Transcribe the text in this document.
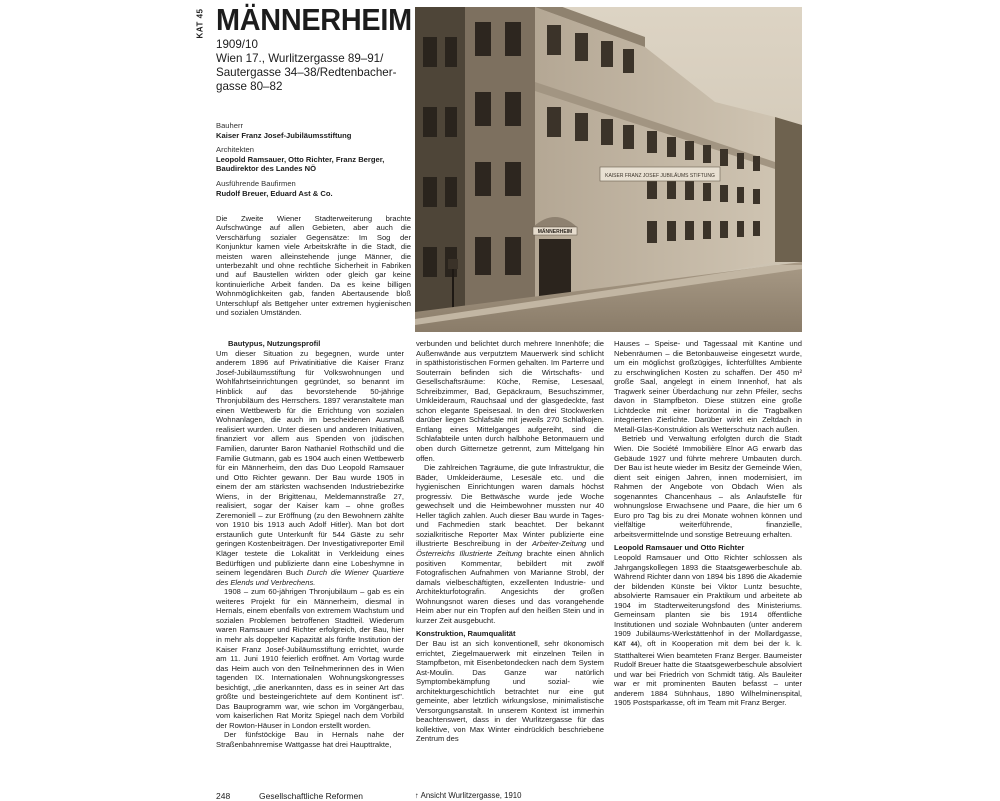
KAT 45 MÄNNERHEIM
1909/10
Wien 17., Wurlitzergasse 89–91/
Sautergasse 34–38/Redtenbacher-
gasse 80–82
Bauherr
Kaiser Franz Josef-Jubiläumsstiftung
Architekten
Leopold Ramsauer, Otto Richter, Franz Berger,
Baudirektor des Landes NÖ
Ausführende Baufirmen
Rudolf Breuer, Eduard Ast & Co.
KAISER FRANZ JOSEF JUBILÄUMS STIFTUNG
MÄNNERHEIM
Die Zweite Wiener Stadterweiterung brachte Aufschwünge auf allen Gebieten, aber auch die Verschärfung sozialer Gegensätze: Im Sog der Konjunktur kamen viele Arbeitskräfte in die Stadt, die meisten waren alleinstehende junge Männer, die unterbezahlt und ohne rechtliche Sicherheit in Fabriken und auf Baustellen wirkten oder gleich gar keine kontinuierliche Arbeit fanden. Da es keine billigen Wohnmöglichkeiten gab, fanden Abertausende bloß Unterschlupf als Bettgeher unter extremen hygienischen und sozialen Umständen.

Bautypus, Nutzungsprofil

Um dieser Situation zu begegnen, wurde unter anderem 1896 auf Privatinitiative die Kaiser Franz Josef-Jubiläumsstiftung für Volkswohnungen und Wohlfahrtseinrichtungen gegründet, so benannt im Hinblick auf das bevorstehende 50-jährige Thronjubiläum des Herrschers. 1897 veranstaltete man einen Wettbewerb für die Errichtung von sozialen Wohnanlagen, die auch im bescheidenen Ausmaß realisiert wurden. Unter diesen und anderen Initiativen, finanziert vor allem aus Spenden von jüdischen Familien, darunter Baron Nathaniel Rothschild und die Familie Gutmann, gab es 1904 auch einen Wettbewerb für ein Männerheim, den das Duo Leopold Ramsauer und Otto Richter gewann. Der Bau wurde 1905 in einem der am stärksten wachsenden Industriebezirke Wiens, in der Brigittenau, Meldemannstraße 27, realisiert, sogar der Kaiser kam – ohne großes Zeremoniell – zur Eröffnung (zu den Bewohnern zählte von 1910 bis 1913 auch Adolf Hitler). Man bot dort erstaunlich gute Unterkunft für 544 Gäste zu sehr geringen Kostenbeiträgen. Der Investigativreporter Emil Kläger testete die Lokalität in Verkleidung eines Bedürftigen und publizierte dann eine Lobeshymne in seinem legendären Buch Durch die Wiener Quartiere des Elends und Verbrechens.

1908 – zum 60-jährigen Thronjubiläum – gab es ein weiteres Projekt für ein Männerheim, diesmal in Hernals, einem ebenfalls von extremem Wachstum und sozialen Problemen betroffenen Stadtteil. Wiederum waren Ramsauer und Richter erfolgreich, der Bau, hier in mehr als doppelter Kapazität als fünfte Institution der Kaiser Franz Josef-Jubiläumsstiftung errichtet, wurde am 11. Juni 1910 feierlich eröffnet. Am Vortag wurde das Heim auch von den Teilnehmerinnen des in Wien tagenden IX. Internationalen Wohnungskongresses besichtigt, „die anerkannten, dass es in seiner Art das größte und besteingerichtete auf dem Kontinent ist". Das Bauprogramm war, wie schon im Vorgängerbau, vom kaiserlichen Rat Moritz Spiegel nach dem Vorbild der Rowton-Häuser in London erstellt worden.

Der fünfstöckige Bau in Hernals nahe der Straßenbahnremise Wattgasse hat drei Haupttrakte,

verbunden und belichtet durch mehrere Innenhöfe; die Außenwände aus verputztem Mauerwerk sind schlicht in späthistoristischen Formen gehalten. Im Parterre und Souterrain befinden sich die Wirtschafts- und Gesellschaftsräume: Küche, Remise, Lesesaal, Schreibzimmer, Bad, Gepäckraum, Besuchszimmer, Umkleideraum, Rauchsaal und der glasgedeckte, fast schon elegante Speisesaal. In den drei Stockwerken darüber liegen Schlafsäle mit jeweils 270 Schlafkojen. Entlang eines Mittelganges aufgereiht, sind die Schlafabteile unten durch halbhohe Betonmauern und oben durch Gitternetze getrennt, zum Mittelgang hin offen.

Die zahlreichen Tagräume, die gute Infrastruktur, die Bäder, Umkleideräume, Lesesäle etc. und die hygienischen Einrichtungen waren damals höchst progressiv. Die Bettwäsche wurde jede Woche gewechselt und die Heimbewohner mussten nur 40 Heller täglich zahlen. Auch dieser Bau wurde in Tages- und Fachmedien stark beachtet. Der bekannt sozialkritische Reporter Max Winter publizierte eine illustrierte Beschreibung in der Arbeiter-Zeitung und Österreichs Illustrierte Zeitung brachte einen ähnlich positiven Kommentar, bebildert mit zwölf Fotografischen Aufnahmen von Marianne Strobl, der damals vielbeschäftigten, exzellenten Industrie- und Architekturfotografin. Angesichts der großen Wohnungsnot waren dieses und das vorangehende Heim aber nur ein Tropfen auf den heißen Stein und in kurzer Zeit ausgebucht.

Konstruktion, Raumqualität

Der Bau ist an sich konventionell, sehr ökonomisch errichtet, Ziegelmauerwerk mit einzelnen Teilen in Stampfbeton, mit Eisenbetondecken nach dem System Ast-Moulin. Das Ganze war natürlich Symptombekämpfung und sozial- wie architekturgeschichtlich betrachtet nur eine gut gemeinte, aber letztlich wirkungslose, minimalistische Versorgungsanstalt. In unserem Kontext ist immerhin beachtenswert, dass in der Wurlitzergasse für das kollektive, von Max Winter eindrücklich beschriebene Zentrum des

Hauses – Speise- und Tagessaal mit Kantine und Nebenräumen – die Betonbauweise eingesetzt wurde, um ein möglichst großzügiges, lichterfülltes Ambiente zu erschwinglichen Kosten zu schaffen. Der 450 m² große Saal, angelegt in einem Innenhof, hat als Tragwerk seiner Überdachung nur zehn Pfeiler, sechs davon in Stampfbeton. Diese stützen eine große Lichtdecke mit einer horizontal in die Tragbalken integrierten Zierlichte. Darüber wirkt ein Zeltdach in Metall-Glas-Konstruktion als Wetterschutz nach außen.

Betrieb und Verwaltung erfolgten durch die Stadt Wien. Die Société Immobilière Elnor AG erwarb das Gebäude 1927 und führte mehrere Umbauten durch. Der Bau ist heute wieder im Besitz der Gemeinde Wien, dient seit einigen Jahren, innen modernisiert, im Rahmen der Angebote von Obdach Wien als sogenanntes Chancenhaus – als Anlaufstelle für wohnungslose Erwachsene und Paare, die hier um 6 Euro pro Tag bis zu drei Monate wohnen können und vielfältige weiterführende, finanzielle, arbeitsvermittelnde und sonstige Betreuung erhalten.

Leopold Ramsauer und Otto Richter

Leopold Ramsauer und Otto Richter schlossen als Jahrgangskollegen 1893 die Staatsgewerbeschule ab. Während Richter dann von 1894 bis 1896 die Akademie der bildenden Künste bei Viktor Luntz besuchte, absolvierte Ramsauer ein Praktikum und arbeitete ab 1904 im Stadterweiterungsfond des Ministeriums. Gemeinsam planten sie bis 1914 öffentliche Institutionen und soziale Wohnbauten (unter anderem 1909 Jubiläums-Werkstättenhof in der Mollardgasse, KAT 44), oft in Kooperation mit dem bei der k. k. Statthalterei Wien beamteten Franz Berger. Baumeister Rudolf Breuer hatte die Staatsgewerbeschule absolviert und war bei Friedrich von Schmidt tätig. Als Bauleiter war er mit prominenten Bauten befasst – unter anderem 1884 Sühnhaus, 1890 Wilhelminenspital, 1905 Postsparkasse, oft im Team mit Franz Berger.

248	Gesellschaftliche Reformen	↑ Ansicht Wurlitzergasse, 1910
